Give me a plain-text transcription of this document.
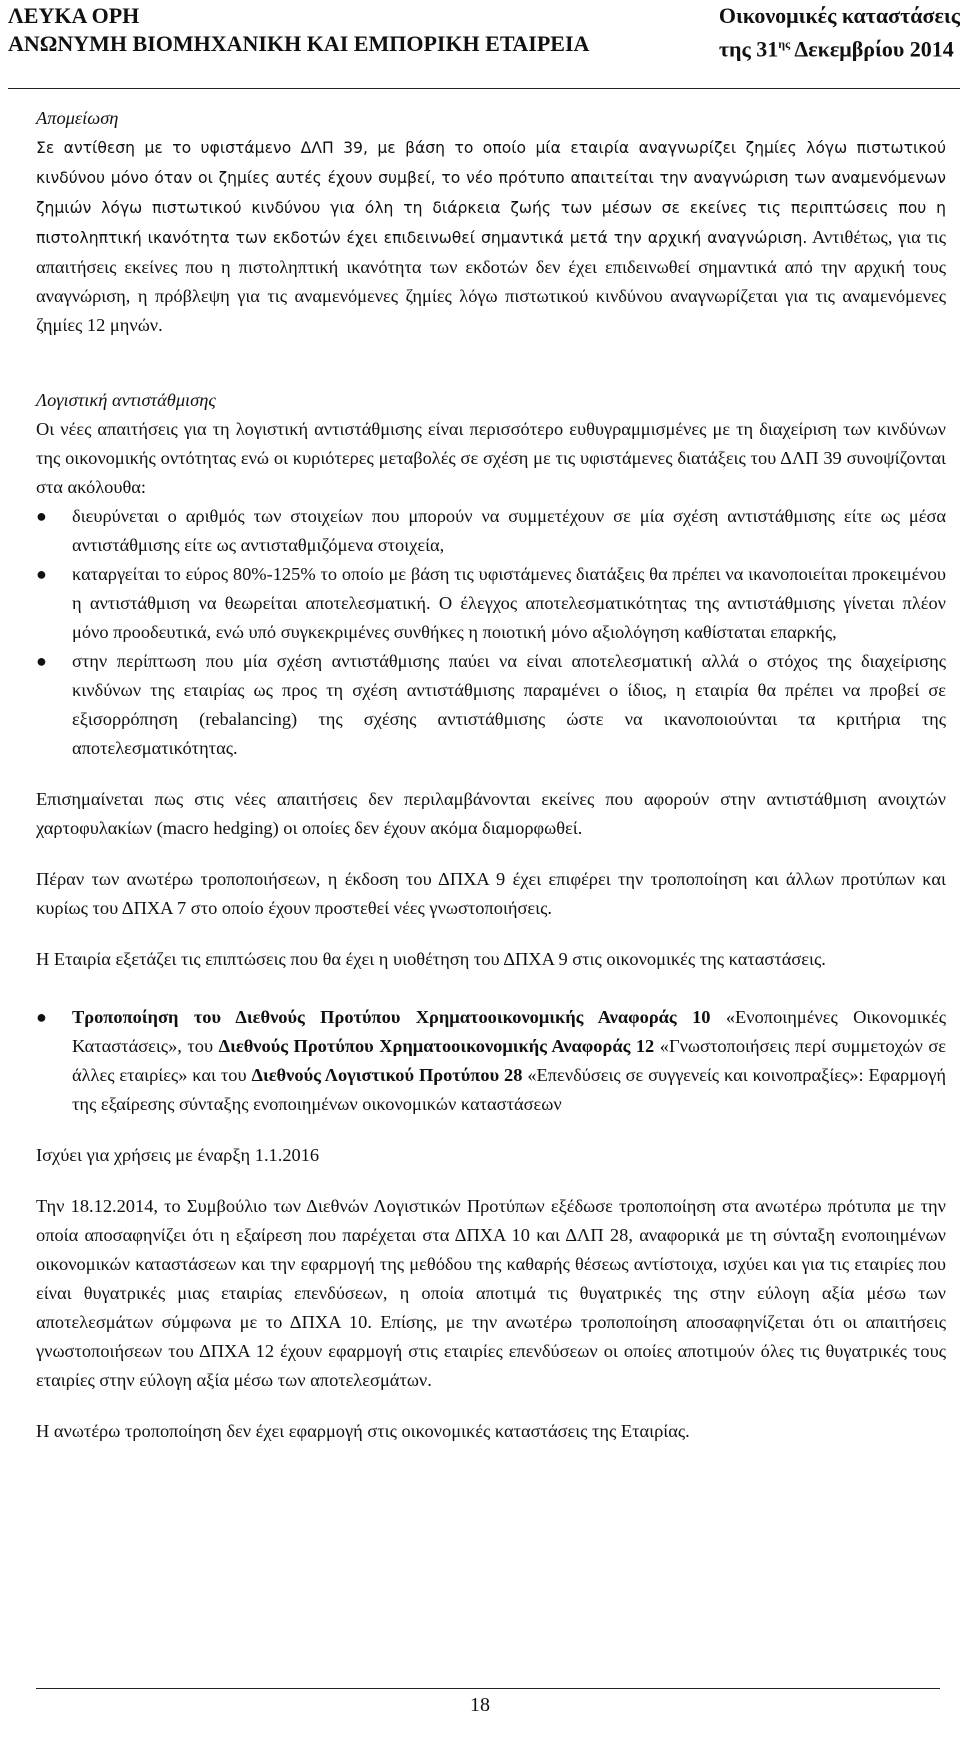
ΛΕΥΚΑ ΟΡΗ
ΑΝΩΝΥΜΗ ΒΙΟΜΗΧΑΝΙΚΗ ΚΑΙ ΕΜΠΟΡΙΚΗ ΕΤΑΙΡΕΙΑ
Οικονομικές καταστάσεις
της $31^{\eta\varsigma}$ Δεκεμβρίου 2014

Απομείωση

Σε αντίθεση με το υφιστάμενο ΔΛΠ 39, με βάση το οποίο μία εταιρία αναγνωρίζει ζημίες λόγω πιστωτικού κινδύνου μόνο όταν οι ζημίες αυτές έχουν συμβεί, το νέο πρότυπο απαιτείται την αναγνώριση των αναμενόμενων ζημιών λόγω πιστωτικού κινδύνου για όλη τη διάρκεια ζωής των μέσων σε εκείνες τις περιπτώσεις που η πιστοληπτική ικανότητα των εκδοτών έχει επιδεινωθεί σημαντικά μετά την αρχική αναγνώριση. Αντιθέτως, για τις απαιτήσεις εκείνες που η πιστοληπτική ικανότητα των εκδοτών δεν έχει επιδεινωθεί σημαντικά από την αρχική τους αναγνώριση, η πρόβλεψη για τις αναμενόμενες ζημίες λόγω πιστωτικού κινδύνου αναγνωρίζεται για τις αναμενόμενες ζημίες 12 μηνών.

Λογιστική αντιστάθμισης

Οι νέες απαιτήσεις για τη λογιστική αντιστάθμισης είναι περισσότερο ευθυγραμμισμένες με τη διαχείριση των κινδύνων της οικονομικής οντότητας ενώ οι κυριότερες μεταβολές σε σχέση με τις υφιστάμενες διατάξεις του ΔΛΠ 39 συνοψίζονται στα ακόλουθα:

● διευρύνεται ο αριθμός των στοιχείων που μπορούν να συμμετέχουν σε μία σχέση αντιστάθμισης είτε ως μέσα αντιστάθμισης είτε ως αντισταθμιζόμενα στοιχεία,
● καταργείται το εύρος 80%-125% το οποίο με βάση τις υφιστάμενες διατάξεις θα πρέπει να ικανοποιείται προκειμένου η αντιστάθμιση να θεωρείται αποτελεσματική. Ο έλεγχος αποτελεσματικότητας της αντιστάθμισης γίνεται πλέον μόνο προοδευτικά, ενώ υπό συγκεκριμένες συνθήκες η ποιοτική μόνο αξιολόγηση καθίσταται επαρκής,
● στην περίπτωση που μία σχέση αντιστάθμισης παύει να είναι αποτελεσματική αλλά ο στόχος της διαχείρισης κινδύνων της εταιρίας ως προς τη σχέση αντιστάθμισης παραμένει ο ίδιος, η εταιρία θα πρέπει να προβεί σε εξισορρόπηση (rebalancing) της σχέσης αντιστάθμισης ώστε να ικανοποιούνται τα κριτήρια της αποτελεσματικότητας.

Επισημαίνεται πως στις νέες απαιτήσεις δεν περιλαμβάνονται εκείνες που αφορούν στην αντιστάθμιση ανοιχτών χαρτοφυλακίων (macro hedging) οι οποίες δεν έχουν ακόμα διαμορφωθεί.

Πέραν των ανωτέρω τροποποιήσεων, η έκδοση του ΔΠΧΑ 9 έχει επιφέρει την τροποποίηση και άλλων προτύπων και κυρίως του ΔΠΧΑ 7 στο οποίο έχουν προστεθεί νέες γνωστοποιήσεις.

Η Εταιρία εξετάζει τις επιπτώσεις που θα έχει η υιοθέτηση του ΔΠΧΑ 9 στις οικονομικές της καταστάσεις.

● Τροποποίηση του Διεθνούς Προτύπου Χρηματοοικονομικής Αναφοράς 10 «Ενοποιημένες Οικονομικές Καταστάσεις», του Διεθνούς Προτύπου Χρηματοοικονομικής Αναφοράς 12 «Γνωστοποιήσεις περί συμμετοχών σε άλλες εταιρίες» και του Διεθνούς Λογιστικού Προτύπου 28 «Επενδύσεις σε συγγενείς και κοινοπραξίες»: Εφαρμογή της εξαίρεσης σύνταξης ενοποιημένων οικονομικών καταστάσεων

Ισχύει για χρήσεις με έναρξη 1.1.2016

Την 18.12.2014, το Συμβούλιο των Διεθνών Λογιστικών Προτύπων εξέδωσε τροποποίηση στα ανωτέρω πρότυπα με την οποία αποσαφηνίζει ότι η εξαίρεση που παρέχεται στα ΔΠΧΑ 10 και ΔΛΠ 28, αναφορικά με τη σύνταξη ενοποιημένων οικονομικών καταστάσεων και την εφαρμογή της μεθόδου της καθαρής θέσεως αντίστοιχα, ισχύει και για τις εταιρίες που είναι θυγατρικές μιας εταιρίας επενδύσεων, η οποία αποτιμά τις θυγατρικές της στην εύλογη αξία μέσω των αποτελεσμάτων σύμφωνα με το ΔΠΧΑ 10. Επίσης, με την ανωτέρω τροποποίηση αποσαφηνίζεται ότι οι απαιτήσεις γνωστοποιήσεων του ΔΠΧΑ 12 έχουν εφαρμογή στις εταιρίες επενδύσεων οι οποίες αποτιμούν όλες τις θυγατρικές τους εταιρίες στην εύλογη αξία μέσω των αποτελεσμάτων.

Η ανωτέρω τροποποίηση δεν έχει εφαρμογή στις οικονομικές καταστάσεις της Εταιρίας.

18
